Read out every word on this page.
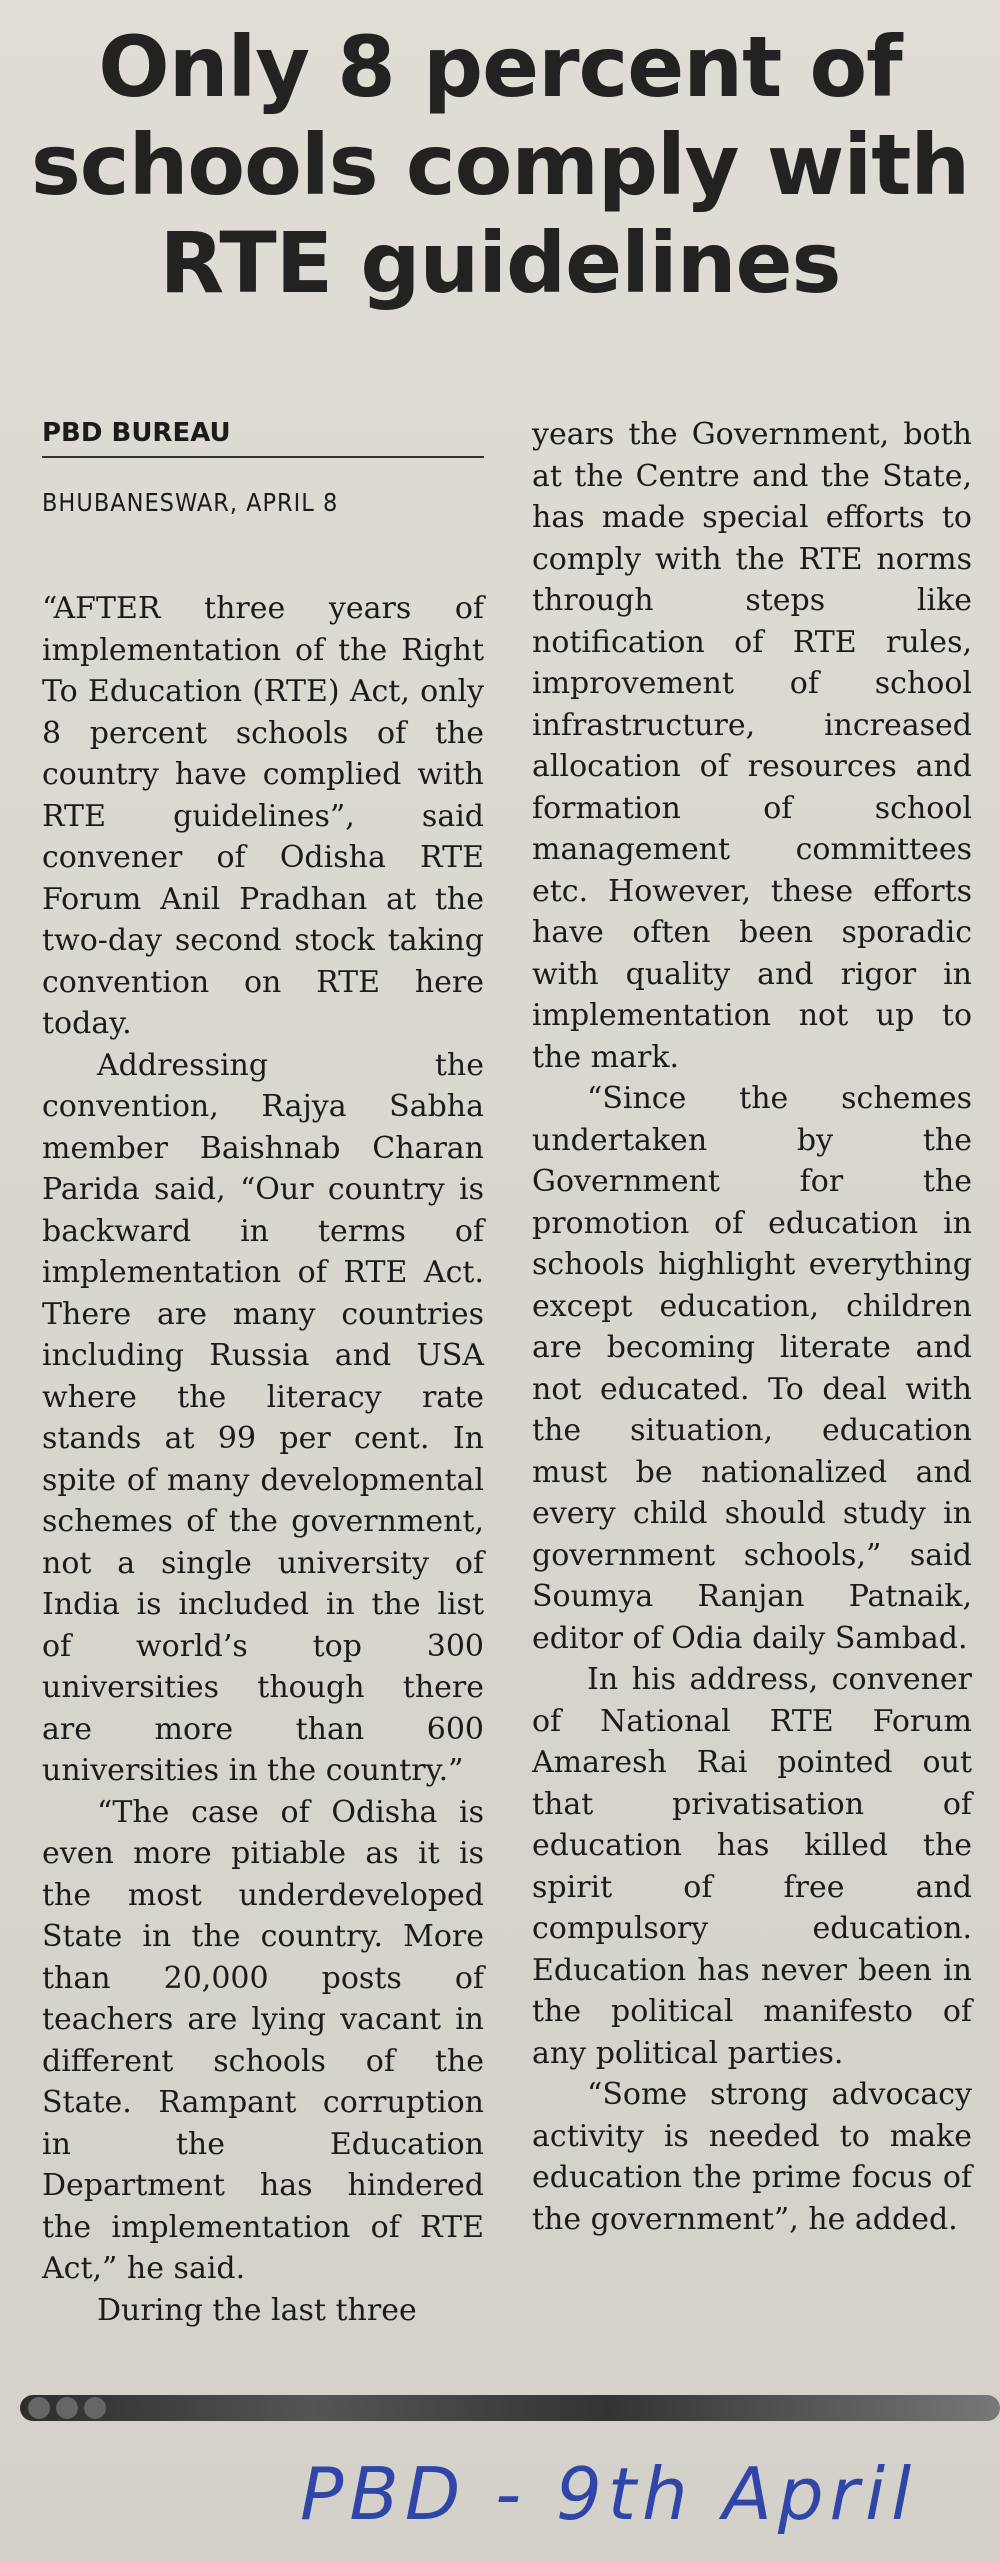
Only 8 percent of schools comply with RTE guidelines
PBD BUREAU
BHUBANESWAR, APRIL 8

“AFTER three years of implementation of the Right To Education (RTE) Act, only 8 percent schools of the country have complied with RTE guidelines”, said convener of Odisha RTE Forum Anil Pradhan at the two-day second stock taking convention on RTE here today.

Addressing the convention, Rajya Sabha member Baishnab Charan Parida said, “Our country is backward in terms of implementation of RTE Act. There are many countries including Russia and USA where the literacy rate stands at 99 per cent. In spite of many developmental schemes of the government, not a single university of India is included in the list of world’s top 300 universities though there are more than 600 universities in the country.”

“The case of Odisha is even more pitiable as it is the most underdeveloped State in the country. More than 20,000 posts of teachers are lying vacant in different schools of the State. Rampant corruption in the Education Department has hindered the implementation of RTE Act,” he said.

During the last three

years the Government, both at the Centre and the State, has made special efforts to comply with the RTE norms through steps like notification of RTE rules, improvement of school infrastructure, increased allocation of resources and formation of school management committees etc. However, these efforts have often been sporadic with quality and rigor in implementation not up to the mark.

“Since the schemes undertaken by the Government for the promotion of education in schools highlight everything except education, children are becoming literate and not educated. To deal with the situation, education must be nationalized and every child should study in government schools,” said Soumya Ranjan Patnaik, editor of Odia daily Sambad.

In his address, convener of National RTE Forum Amaresh Rai pointed out that privatisation of education has killed the spirit of free and compulsory education. Education has never been in the political manifesto of any political parties.

“Some strong advocacy activity is needed to make education the prime focus of the government”, he added.

PBD - 9th April
